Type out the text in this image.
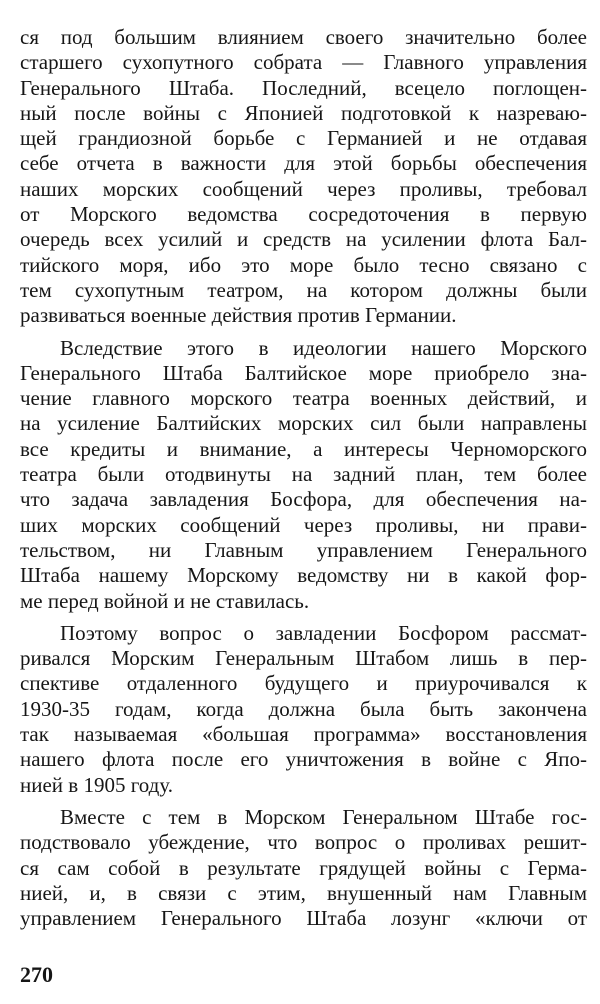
ся под большим влиянием своего значительно более
старшего сухопутного собрата — Главного управления
Генерального Штаба. Последний, всецело поглощен-
ный после войны с Японией подготовкой к назреваю-
щей грандиозной борьбе с Германией и не отдавая
себе отчета в важности для этой борьбы обеспечения
наших морских сообщений через проливы, требовал
от Морского ведомства сосредоточения в первую
очередь всех усилий и средств на усилении флота Бал-
тийского моря, ибо это море было тесно связано с
тем сухопутным театром, на котором должны были
развиваться военные действия против Германии.
Вследствие этого в идеологии нашего Морского
Генерального Штаба Балтийское море приобрело зна-
чение главного морского театра военных действий, и
на усиление Балтийских морских сил были направлены
все кредиты и внимание, а интересы Черноморского
театра были отодвинуты на задний план, тем более
что задача завладения Босфора, для обеспечения на-
ших морских сообщений через проливы, ни прави-
тельством, ни Главным управлением Генерального
Штаба нашему Морскому ведомству ни в какой фор-
ме перед войной и не ставилась.
Поэтому вопрос о завладении Босфором рассмат-
ривался Морским Генеральным Штабом лишь в пер-
спективе отдаленного будущего и приурочивался к
1930-35 годам, когда должна была быть закончена
так называемая «большая программа» восстановления
нашего флота после его уничтожения в войне с Япо-
нией в 1905 году.
Вместе с тем в Морском Генеральном Штабе гос-
подствовало убеждение, что вопрос о проливах решит-
ся сам собой в результате грядущей войны с Герма-
нией, и, в связи с этим, внушенный нам Главным
управлением Генерального Штаба лозунг «ключи от
270
